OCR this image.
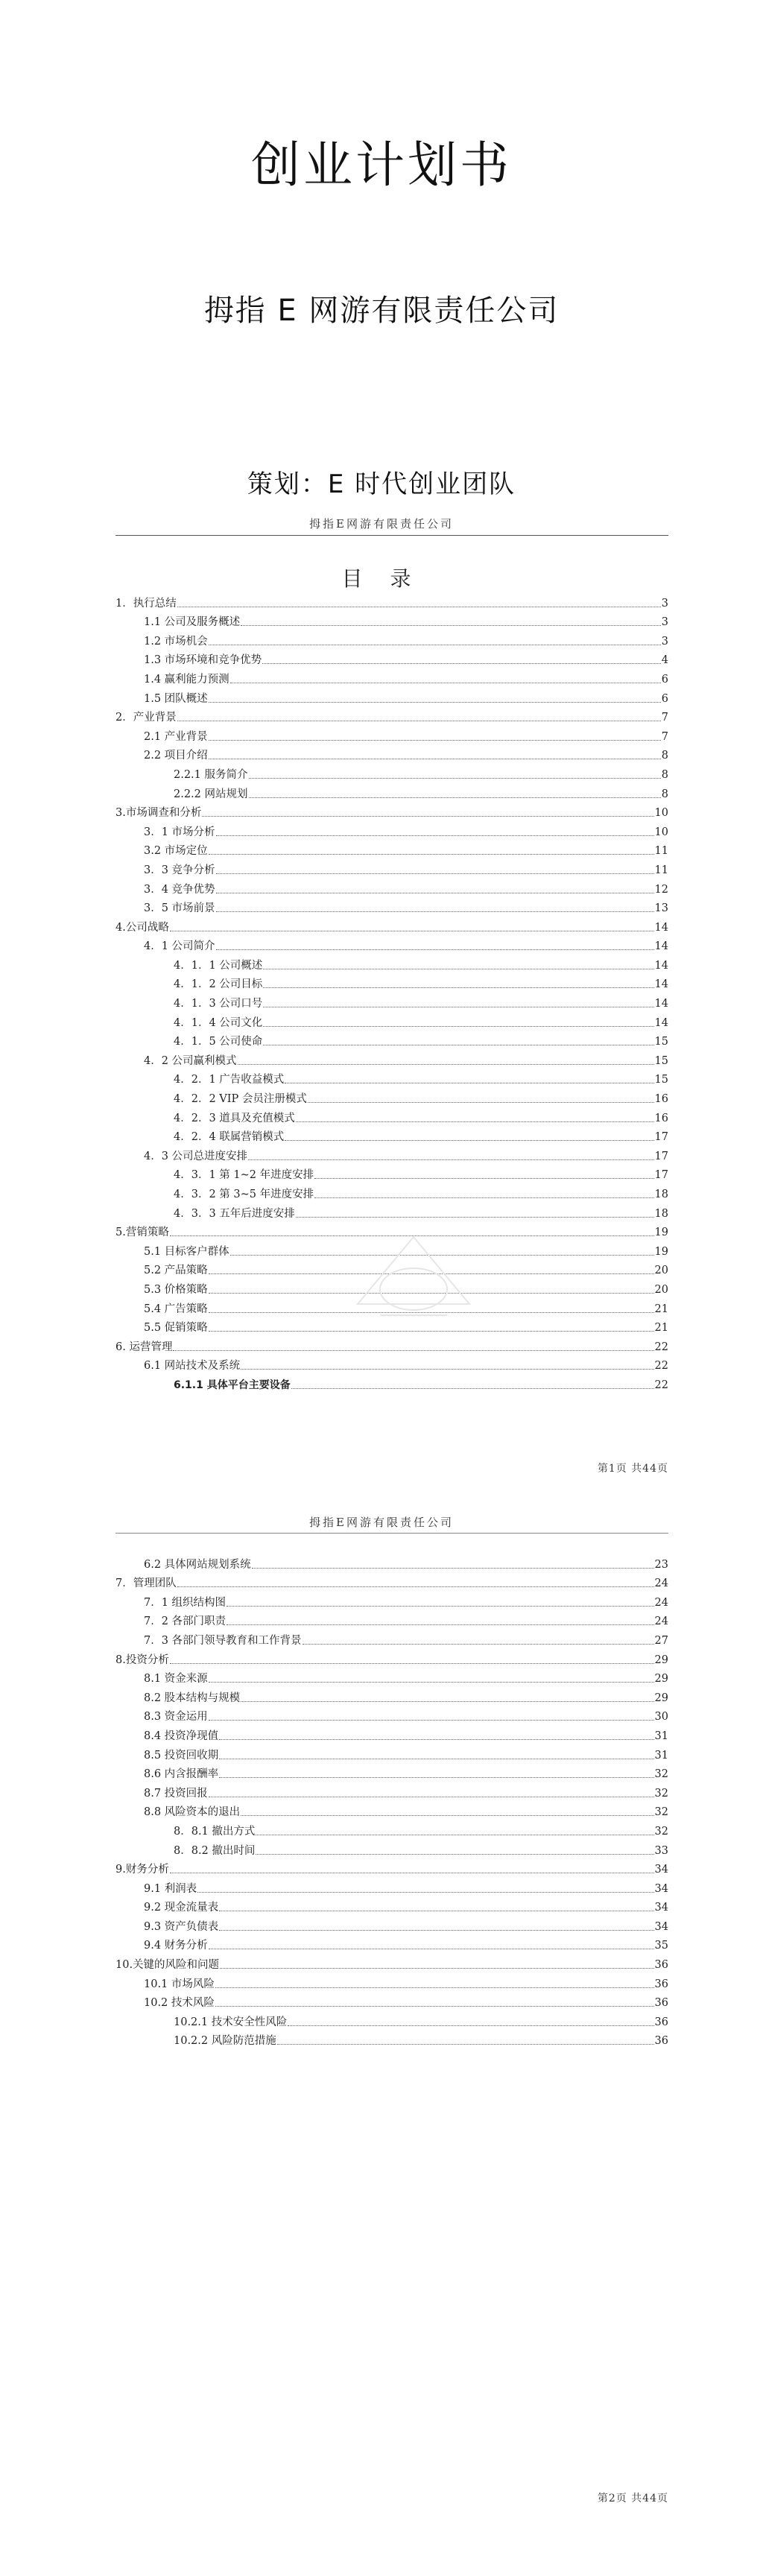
创业计划书
拇指 E 网游有限责任公司
策划：E 时代创业团队
拇指E网游有限责任公司
目 录
1．执行总结	3
1.1 公司及服务概述	3
1.2 市场机会	3
1.3 市场环境和竞争优势	4
1.4 赢利能力预测	6
1.5 团队概述	6
2．产业背景	7
2.1 产业背景	7
2.2 项目介绍	8
2.2.1 服务简介	8
2.2.2 网站规划	8
3.市场调查和分析	10
3．1 市场分析	10
3.2 市场定位	11
3．3 竞争分析	11
3．4 竞争优势	12
3．5 市场前景	13
4.公司战略	14
4．1 公司简介	14
4．1．1 公司概述	14
4．1．2 公司目标	14
4．1．3 公司口号	14
4．1．4 公司文化	14
4．1．5 公司使命	15
4．2 公司赢利模式	15
4．2．1 广告收益模式	15
4．2．2 VIP 会员注册模式	16
4．2．3 道具及充值模式	16
4．2．4 联属营销模式	17
4．3 公司总进度安排	17
4．3．1 第 1~2 年进度安排	17
4．3．2 第 3~5 年进度安排	18
4．3．3 五年后进度安排	18
5.营销策略	19
5.1 目标客户群体	19
5.2 产品策略	20
5.3 价格策略	20
5.4 广告策略	21
5.5 促销策略	21
6. 运营管理	22
6.1 网站技术及系统	22
6.1.1 具体平台主要设备	22
第1页 共44页
拇指E网游有限责任公司
6.2 具体网站规划系统	23
7．管理团队	24
7．1 组织结构图	24
7．2 各部门职责	24
7．3 各部门领导教育和工作背景	27
8.投资分析	29
8.1 资金来源	29
8.2 股本结构与规模	29
8.3 资金运用	30
8.4 投资净现值	31
8.5 投资回收期	31
8.6 内含报酬率	32
8.7 投资回报	32
8.8 风险资本的退出	32
8．8.1 撤出方式	32
8．8.2 撤出时间	33
9.财务分析	34
9.1 利润表	34
9.2 现金流量表	34
9.3 资产负债表	34
9.4 财务分析	35
10.关键的风险和问题	36
10.1 市场风险	36
10.2 技术风险	36
10.2.1 技术安全性风险	36
10.2.2 风险防范措施	36
第2页 共44页
